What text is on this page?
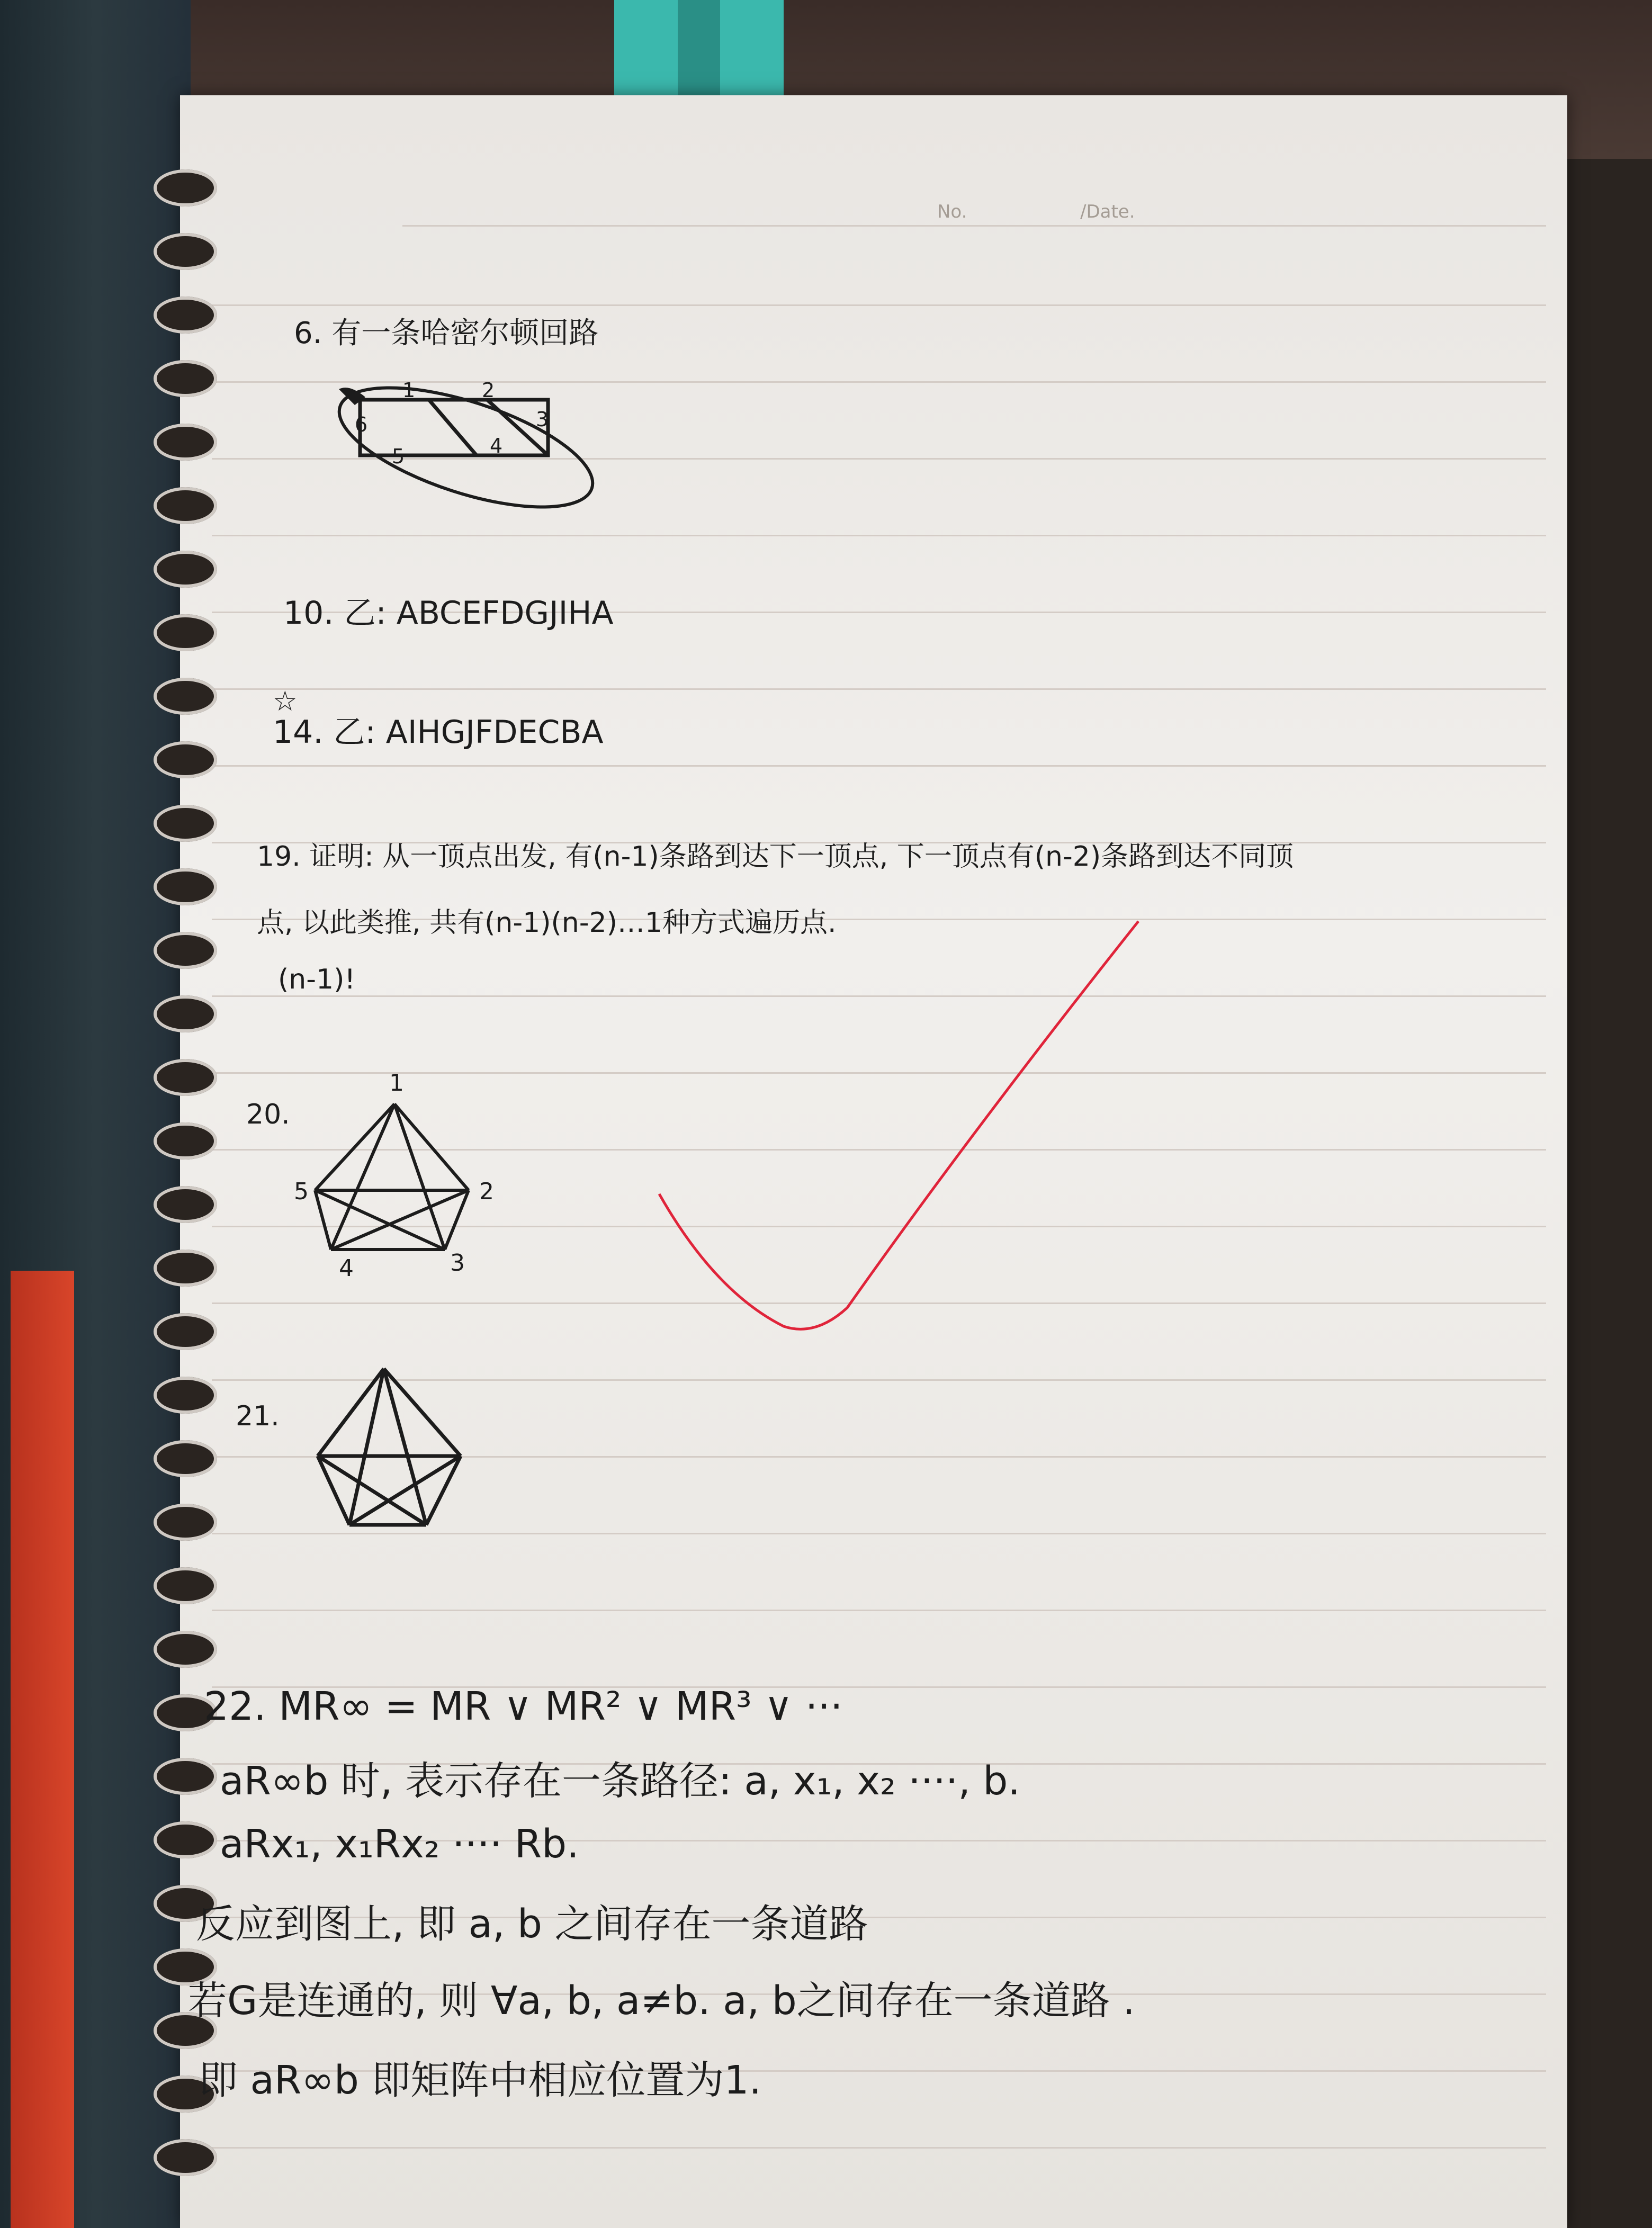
No.	/Date.
6. 有一条哈密尔顿回路
1	2
3
4
5
6
10. 乙: ABCEFDGJIHA
☆
14. 乙: AIHGJFDECBA
19. 证明: 从一顶点出发, 有(n-1)条路到达下一顶点, 下一顶点有(n-2)条路到达不同顶
点, 以此类推, 共有(n-1)(n-2)…1种方式遍历点.
(n-1)!
20.
1
2
3
4
5
21.
22. MR∞ = MR ∨ MR² ∨ MR³ ∨ ···
aR∞b 时, 表示存在一条路径: a, x₁, x₂ ····, b.
aRx₁, x₁Rx₂ ···· Rb.
反应到图上, 即 a, b 之间存在一条道路
若G是连通的, 则 ∀a, b, a≠b. a, b之间存在一条道路 .
即 aR∞b 即矩阵中相应位置为1.
